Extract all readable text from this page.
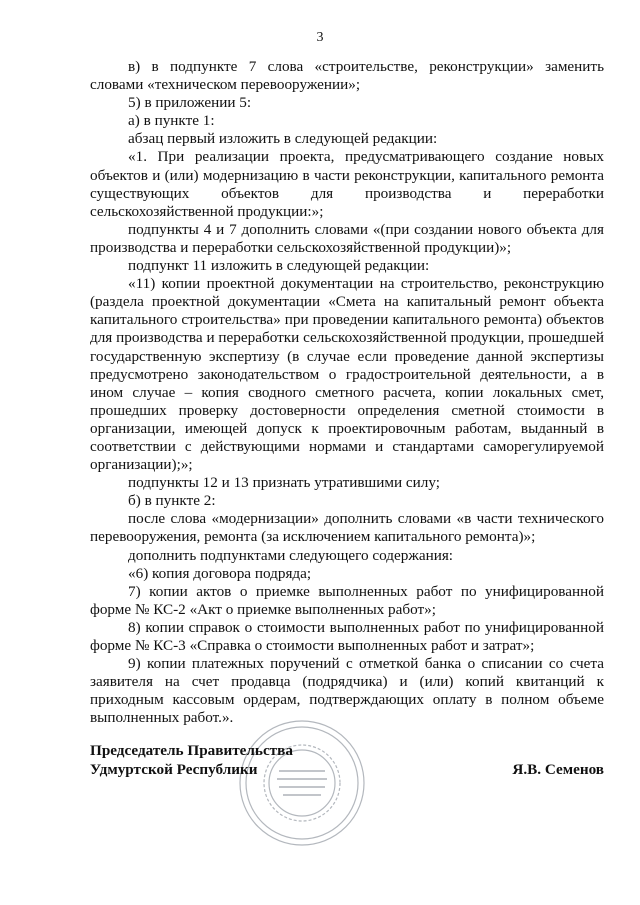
3

в) в подпункте 7 слова «строительстве, реконструкции» заменить словами «техническом перевооружении»;

5) в приложении 5:

а) в пункте 1:

абзац первый изложить в следующей редакции:

«1. При реализации проекта, предусматривающего создание новых объектов и (или) модернизацию в части реконструкции, капитального ремонта существующих объектов для производства и переработки сельскохозяйственной продукции:»;

подпункты 4 и 7 дополнить словами «(при создании нового объекта для производства и переработки сельскохозяйственной продукции)»;

подпункт 11 изложить в следующей редакции:

«11) копии проектной документации на строительство, реконструкцию (раздела проектной документации «Смета на капитальный ремонт объекта капитального строительства» при проведении капитального ремонта) объектов для производства и переработки сельскохозяйственной продукции, прошедшей государственную экспертизу (в случае если проведение данной экспертизы предусмотрено законодательством о градостроительной деятельности, а в ином случае – копия сводного сметного расчета, копии локальных смет, прошедших проверку достоверности определения сметной стоимости в организации, имеющей допуск к проектировочным работам, выданный в соответствии с действующими нормами и стандартами саморегулируемой организации);»;

подпункты 12 и 13 признать утратившими силу;

б) в пункте 2:

после слова «модернизации» дополнить словами «в части технического перевооружения, ремонта (за исключением капитального ремонта)»;

дополнить подпунктами следующего содержания:

«6) копия договора подряда;

7) копии актов о приемке выполненных работ по унифицированной форме № КС-2 «Акт о приемке выполненных работ»;

8) копии справок о стоимости выполненных работ по унифицированной форме № КС-3 «Справка о стоимости выполненных работ и затрат»;

9) копии платежных поручений с отметкой банка о списании со счета заявителя на счет продавца (подрядчика) и (или) копий квитанций к приходным кассовым ордерам, подтверждающих оплату в полном объеме выполненных работ.».

Председатель Правительства
Удмуртской Республики	Я.В. Семенов
